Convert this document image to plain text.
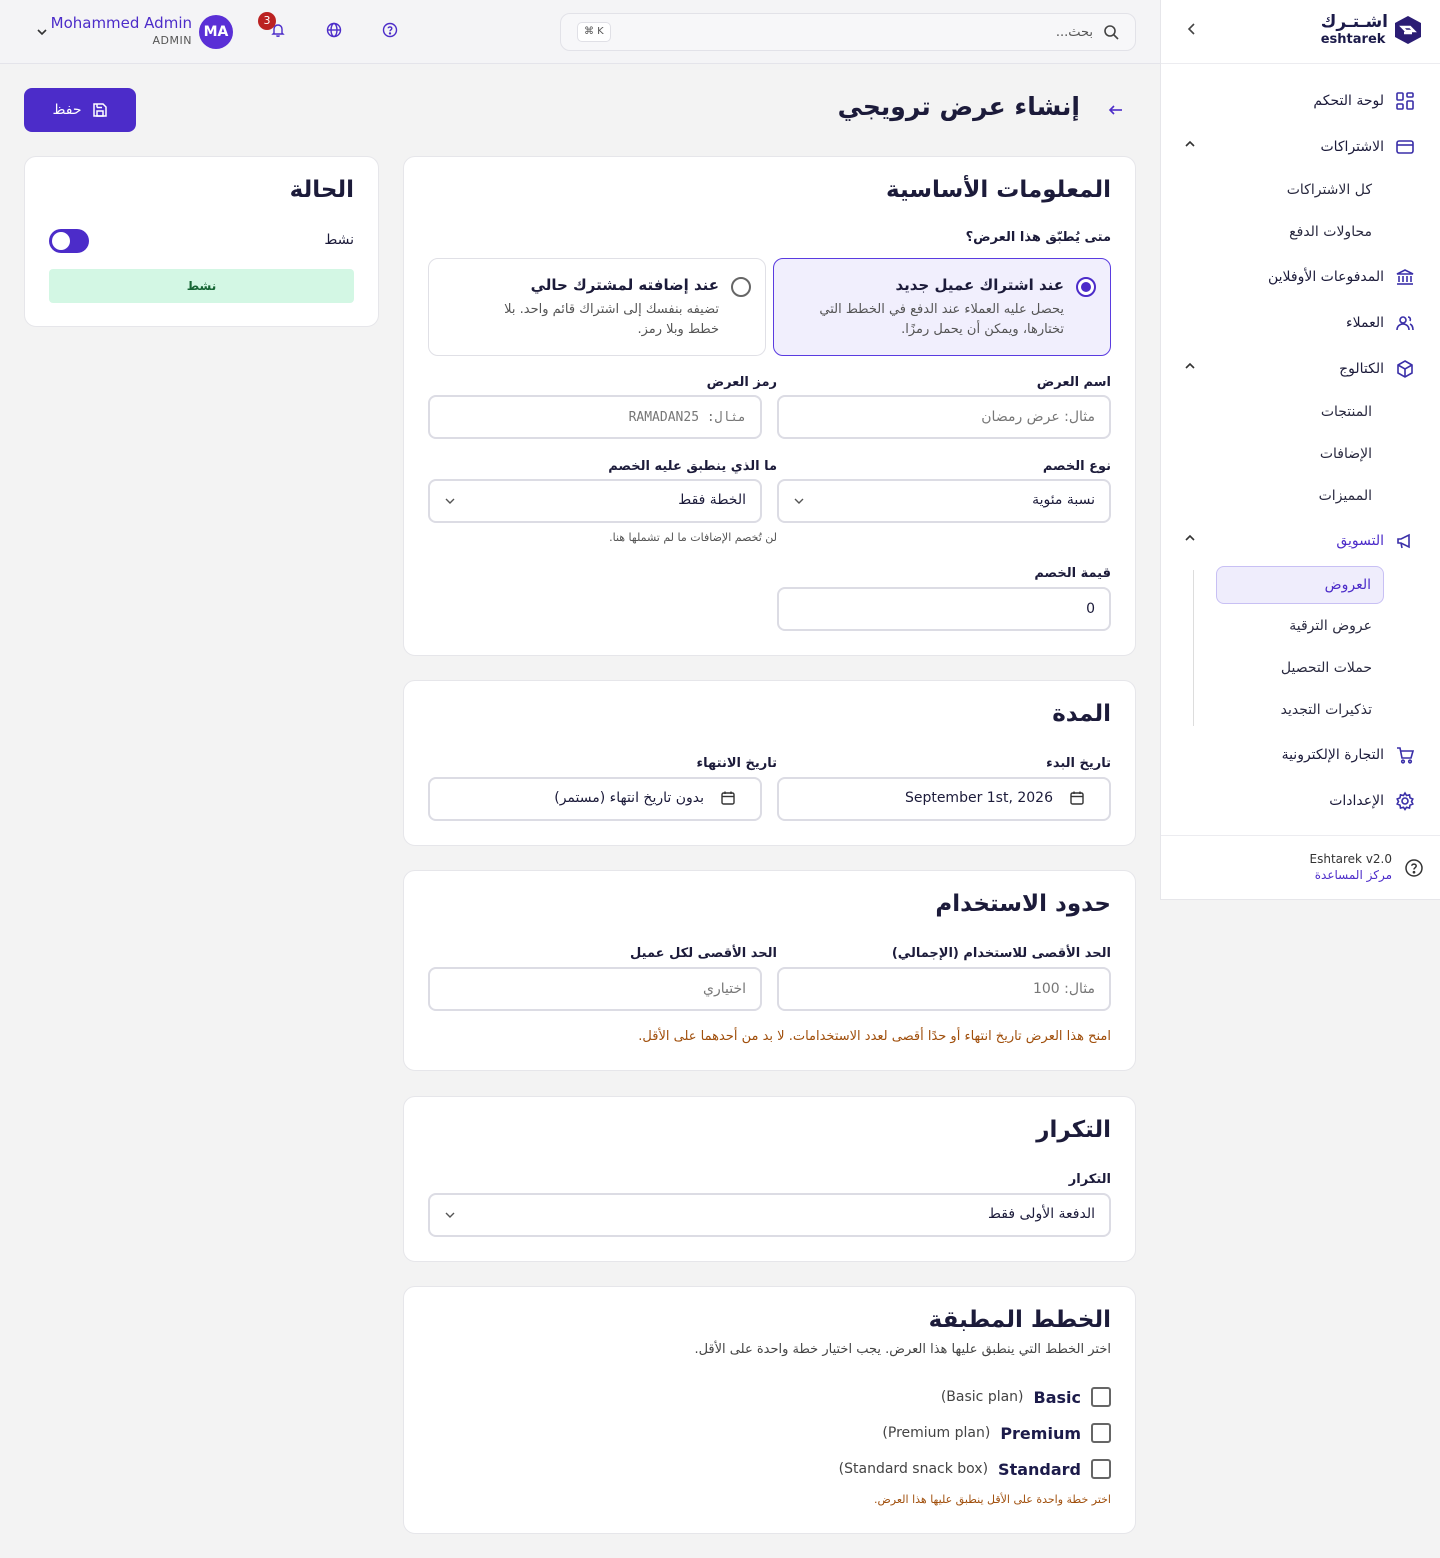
اشـتـرك
eshtarek
لوحة التحكم
الاشتراكات
كل الاشتراكات
محاولات الدفع
المدفوعات الأوفلاين
العملاء
الكتالوج
المنتجات
الإضافات
المميزات
التسويق
العروض
عروض الترقية
حملات التحصيل
تذكيرات التجديد
التجارة الإلكترونية
الإعدادات
Eshtarek v2.0
مركز المساعدة
بحث...
⌘ K
3
MA
Mohammed Admin
ADMIN
إنشاء عرض ترويجي
حفظ
الحالة
نشط
نشط
المعلومات الأساسية
متى يُطبّق هذا العرض؟
عند اشتراك عميل جديد
يحصل عليه العملاء عند الدفع في الخطط التي تختارها، ويمكن أن يحمل رمزًا.
عند إضافته لمشترك حالي
تضيفه بنفسك إلى اشتراك قائم واحد. بلا خطط وبلا رمز.
اسم العرض
مثال: عرض رمضان
رمز العرض
مثال: RAMADAN25
نوع الخصم
نسبة مئوية
ما الذي ينطبق عليه الخصم
الخطة فقط
لن تُخصم الإضافات ما لم تشملها هنا.
قيمة الخصم
0
المدة
تاريخ البدء
September 1st, 2026
تاريخ الانتهاء
بدون تاريخ انتهاء (مستمر)
حدود الاستخدام
الحد الأقصى للاستخدام (الإجمالي)
مثال: 100
الحد الأقصى لكل عميل
اختياري
امنح هذا العرض تاريخ انتهاء أو حدًا أقصى لعدد الاستخدامات. لا بد من أحدهما على الأقل.
التكرار
التكرار
الدفعة الأولى فقط
الخطط المطبقة
اختر الخطط التي ينطبق عليها هذا العرض. يجب اختيار خطة واحدة على الأقل.
Basic
(Basic plan)
Premium
(Premium plan)
Standard
(Standard snack box)
اختر خطة واحدة على الأقل ينطبق عليها هذا العرض.
